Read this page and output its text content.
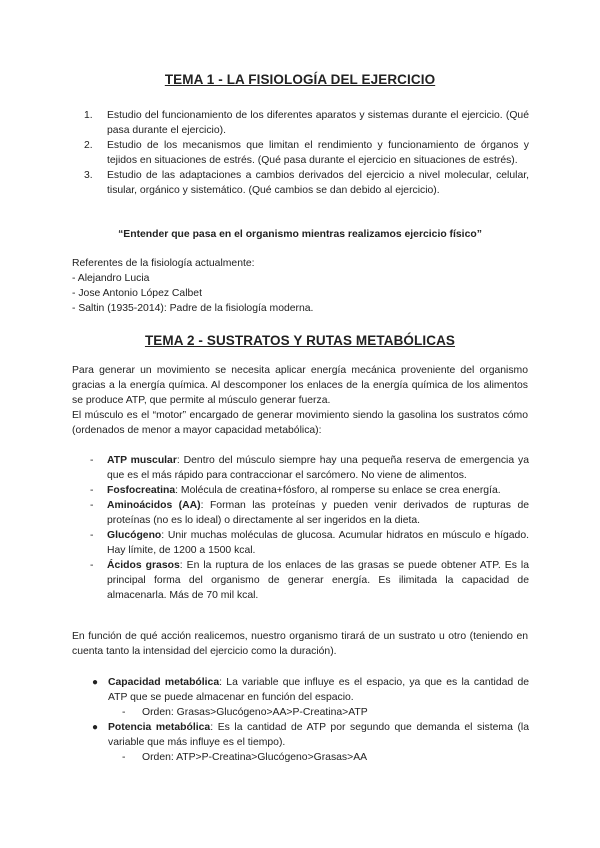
TEMA 1 - LA FISIOLOGÍA DEL EJERCICIO
1. Estudio del funcionamiento de los diferentes aparatos y sistemas durante el ejercicio. (Qué pasa durante el ejercicio).
2. Estudio de los mecanismos que limitan el rendimiento y funcionamiento de órganos y tejidos en situaciones de estrés. (Qué pasa durante el ejercicio en situaciones de estrés).
3. Estudio de las adaptaciones a cambios derivados del ejercicio a nivel molecular, celular, tisular, orgánico y sistemático. (Qué cambios se dan debido al ejercicio).
“Entender que pasa en el organismo mientras realizamos ejercicio físico”
Referentes de la fisiología actualmente:
- Alejandro Lucia
- Jose Antonio López Calbet
- Saltin (1935-2014): Padre de la fisiología moderna.
TEMA 2 - SUSTRATOS Y RUTAS METABÓLICAS
Para generar un movimiento se necesita aplicar energía mecánica proveniente del organismo gracias a la energía química. Al descomponer los enlaces de la energía química de los alimentos se produce ATP, que permite al músculo generar fuerza.
El músculo es el “motor” encargado de generar movimiento siendo la gasolina los sustratos cómo (ordenados de menor a mayor capacidad metabólica):
- ATP muscular: Dentro del músculo siempre hay una pequeña reserva de emergencia ya que es el más rápido para contraccionar el sarcómero. No viene de alimentos.
- Fosfocreatina: Molécula de creatina+fósforo, al romperse su enlace se crea energía.
- Aminoácidos (AA): Forman las proteínas y pueden venir derivados de rupturas de proteínas (no es lo ideal) o directamente al ser ingeridos en la dieta.
- Glucógeno: Unir muchas moléculas de glucosa. Acumular hidratos en músculo e hígado. Hay límite, de 1200 a 1500 kcal.
- Ácidos grasos: En la ruptura de los enlaces de las grasas se puede obtener ATP. Es la principal forma del organismo de generar energía. Es ilimitada la capacidad de almacenarla. Más de 70 mil kcal.
En función de qué acción realicemos, nuestro organismo tirará de un sustrato u otro (teniendo en cuenta tanto la intensidad del ejercicio como la duración).
● Capacidad metabólica: La variable que influye es el espacio, ya que es la cantidad de ATP que se puede almacenar en función del espacio.
- Orden: Grasas>Glucógeno>AA>P-Creatina>ATP
● Potencia metabólica: Es la cantidad de ATP por segundo que demanda el sistema (la variable que más influye es el tiempo).
- Orden: ATP>P-Creatina>Glucógeno>Grasas>AA
